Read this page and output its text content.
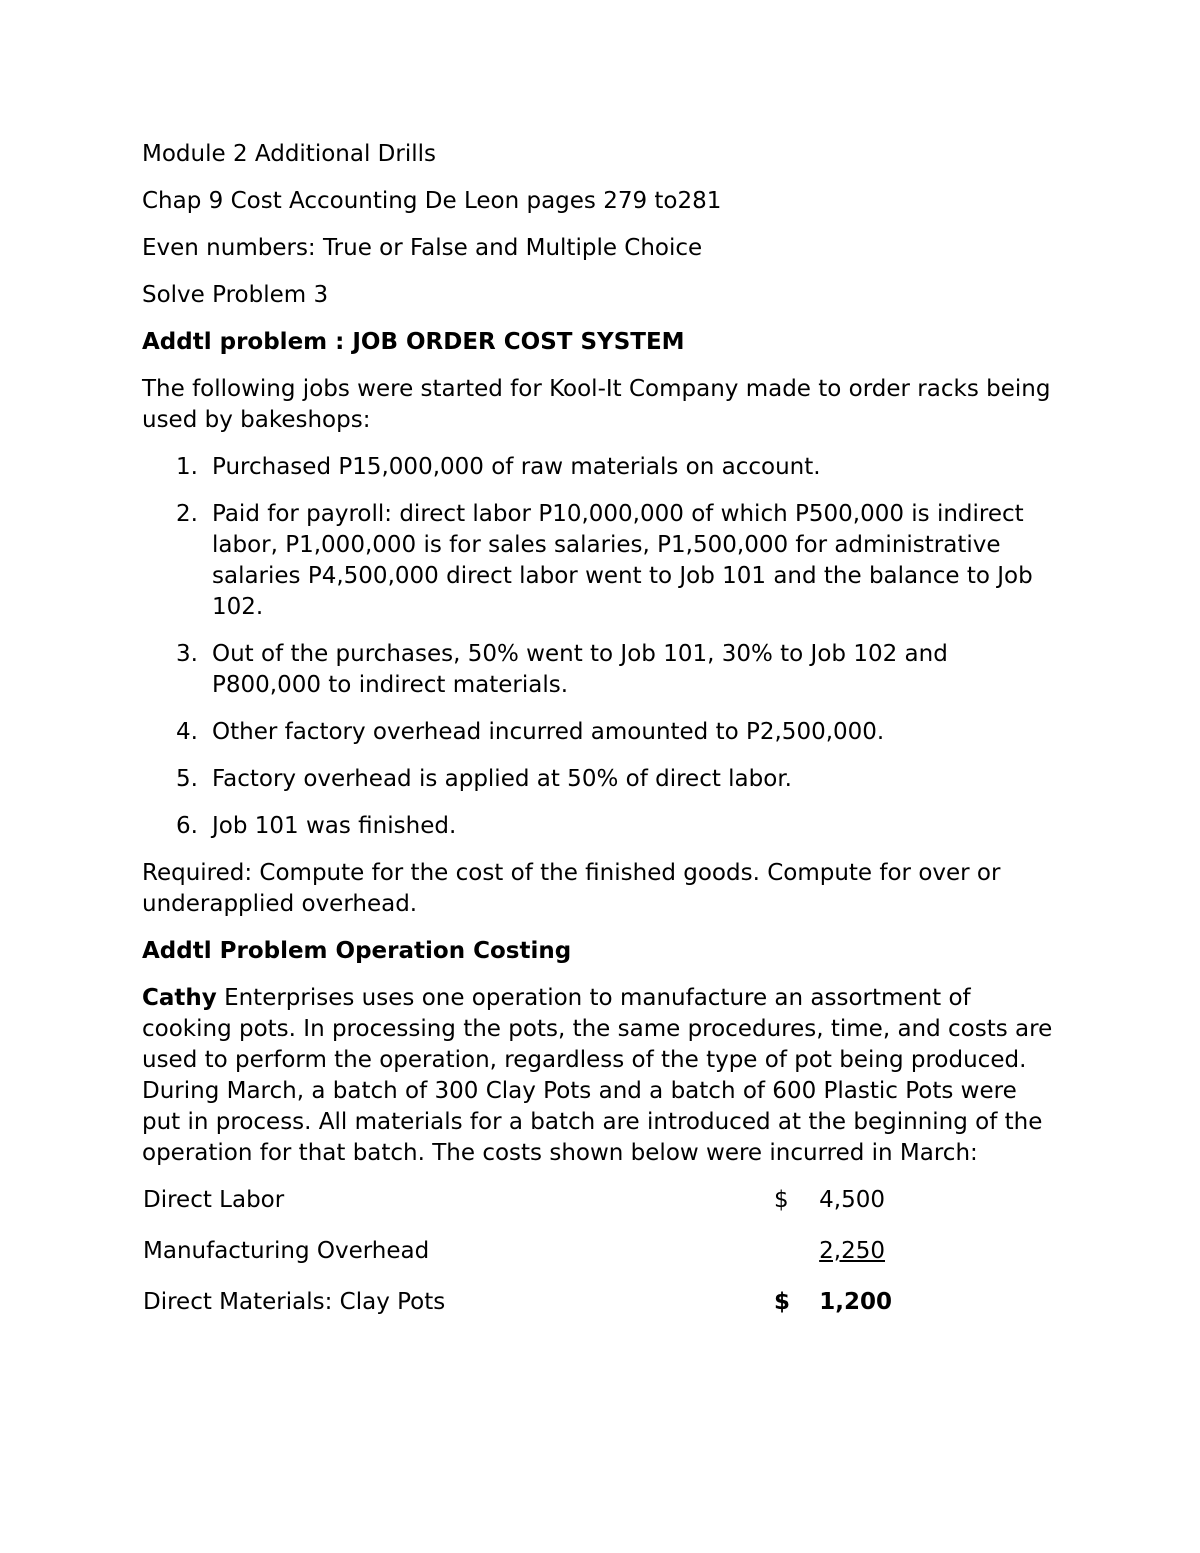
Module 2 Additional Drills

Chap 9 Cost Accounting De Leon pages 279 to281

Even numbers: True or False and Multiple Choice

Solve Problem 3

Addtl problem : JOB ORDER COST SYSTEM

The following jobs were started for Kool-It Company made to order racks being used by bakeshops:

1. Purchased P15,000,000 of raw materials on account.
2. Paid for payroll: direct labor P10,000,000 of which P500,000 is indirect labor, P1,000,000 is for sales salaries, P1,500,000 for administrative salaries P4,500,000 direct labor went to Job 101 and the balance to Job 102.
3. Out of the purchases, 50% went to Job 101, 30% to Job 102 and P800,000 to indirect materials.
4. Other factory overhead incurred amounted to P2,500,000.
5. Factory overhead is applied at 50% of direct labor.
6. Job 101 was finished.

Required: Compute for the cost of the finished goods. Compute for over or underapplied overhead.

Addtl Problem Operation Costing

Cathy Enterprises uses one operation to manufacture an assortment of cooking pots. In processing the pots, the same procedures, time, and costs are used to perform the operation, regardless of the type of pot being produced. During March, a batch of 300 Clay Pots and a batch of 600 Plastic Pots were put in process. All materials for a batch are introduced at the beginning of the operation for that batch. The costs shown below were incurred in March:

Direct Labor	$ 4,500
Manufacturing Overhead	2,250
Direct Materials: Clay Pots	$ 1,200
